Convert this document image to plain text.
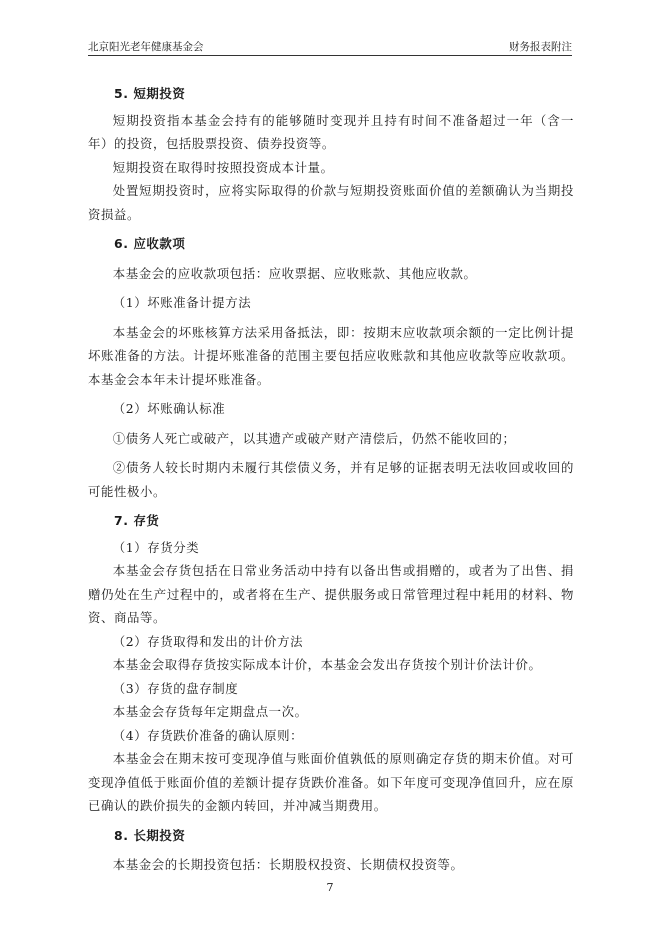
北京阳光老年健康基金会	财务报表附注
5. 短期投资

短期投资指本基金会持有的能够随时变现并且持有时间不准备超过一年（含一年）的投资，包括股票投资、债券投资等。

短期投资在取得时按照投资成本计量。

处置短期投资时，应将实际取得的价款与短期投资账面价值的差额确认为当期投资损益。

6. 应收款项

本基金会的应收款项包括：应收票据、应收账款、其他应收款。

（1）坏账准备计提方法

本基金会的坏账核算方法采用备抵法，即：按期末应收款项余额的一定比例计提坏账准备的方法。计提坏账准备的范围主要包括应收账款和其他应收款等应收款项。本基金会本年未计提坏账准备。

（2）坏账确认标准

①债务人死亡或破产，以其遗产或破产财产清偿后，仍然不能收回的；

②债务人较长时期内未履行其偿债义务，并有足够的证据表明无法收回或收回的可能性极小。

7. 存货

（1）存货分类

本基金会存货包括在日常业务活动中持有以备出售或捐赠的，或者为了出售、捐赠仍处在生产过程中的，或者将在生产、提供服务或日常管理过程中耗用的材料、物资、商品等。

（2）存货取得和发出的计价方法

本基金会取得存货按实际成本计价，本基金会发出存货按个别计价法计价。

（3）存货的盘存制度

本基金会存货每年定期盘点一次。

（4）存货跌价准备的确认原则：

本基金会在期末按可变现净值与账面价值孰低的原则确定存货的期末价值。对可变现净值低于账面价值的差额计提存货跌价准备。如下年度可变现净值回升，应在原已确认的跌价损失的金额内转回，并冲减当期费用。

8. 长期投资

本基金会的长期投资包括：长期股权投资、长期债权投资等。

7
